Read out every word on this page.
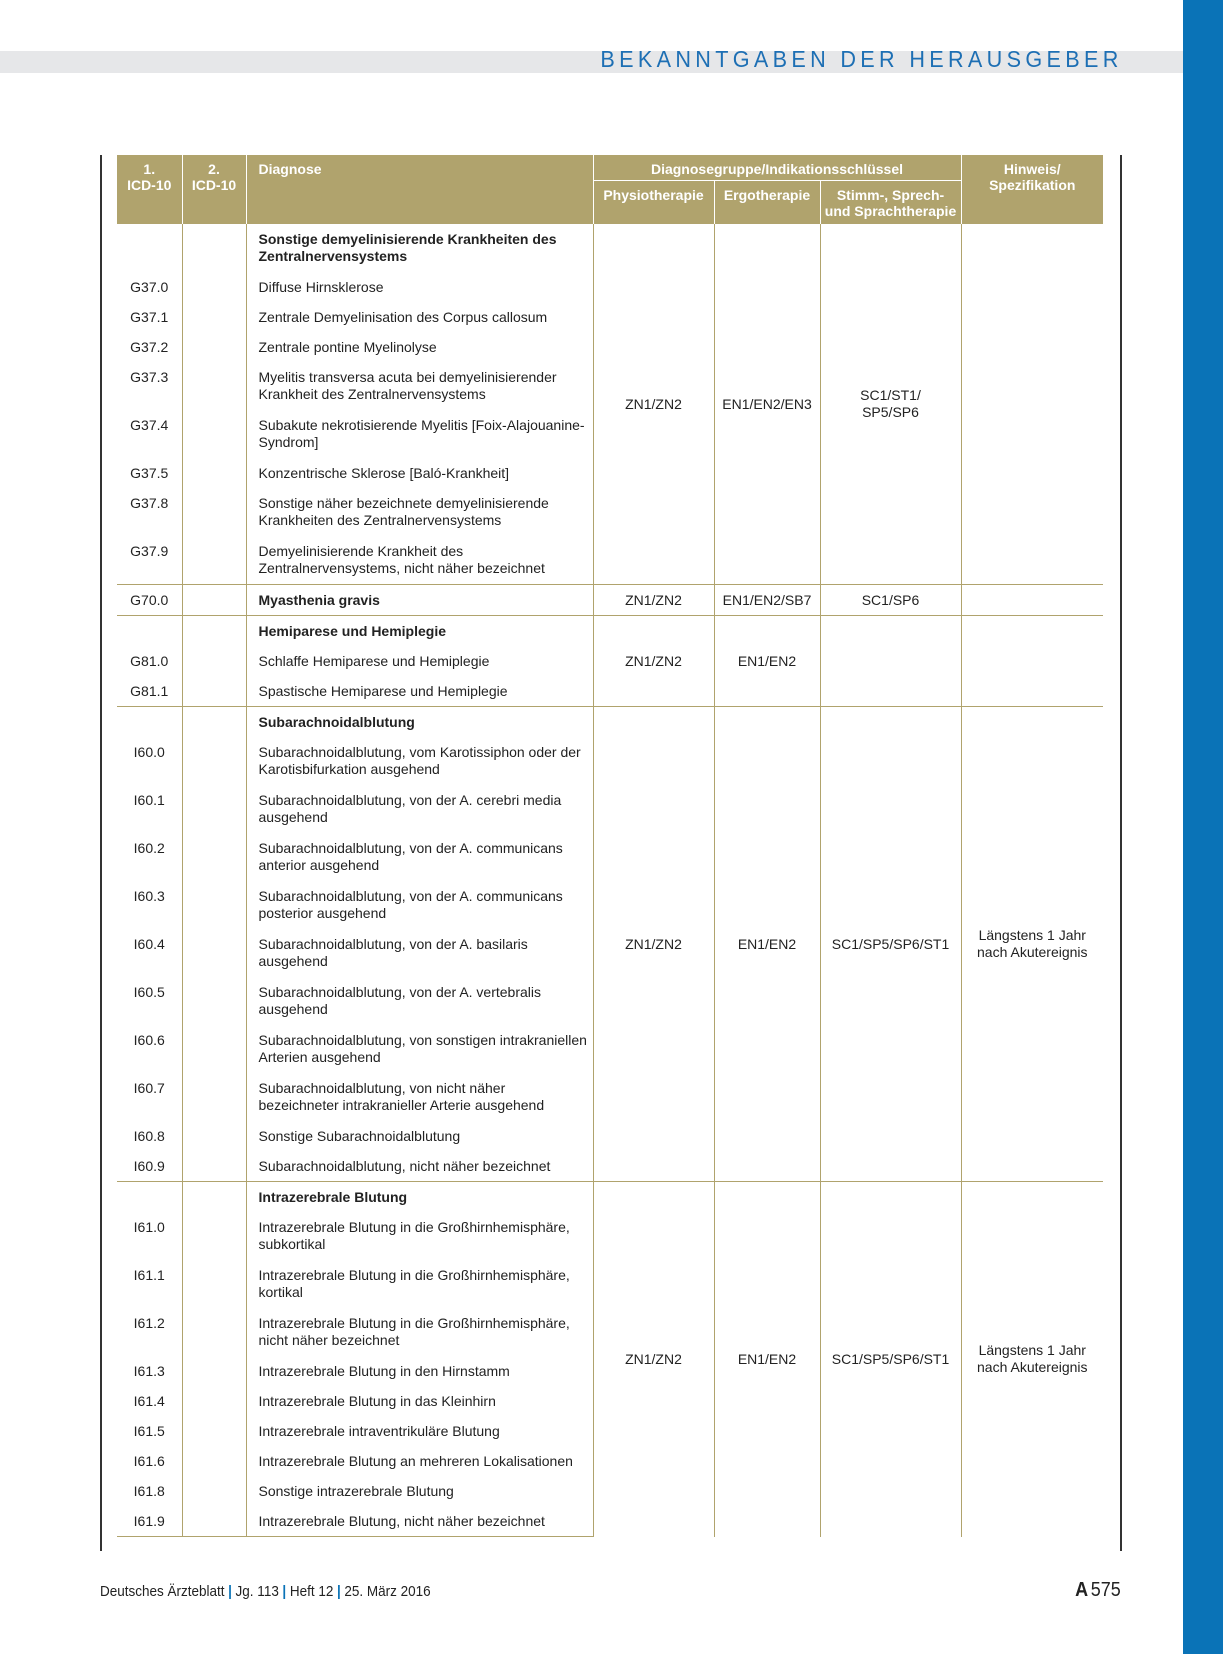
BEKANNTGABEN DER HERAUSGEBER
1.
ICD-10	2.
ICD-10	Diagnose	Diagnosegruppe/Indikationsschlüssel			Hinweis/
Spezifikation
			Physiotherapie	Ergotherapie	Stimm-, Sprech-
und Sprachtherapie	
		Sonstige demyelinisierende Krankheiten des Zentralnervensystems	ZN1/ZN2	EN1/EN2/EN3	SC1/ST1/
SP5/SP6	
G37.0		Diffuse Hirnsklerose				
G37.1		Zentrale Demyelinisation des Corpus callosum				
G37.2		Zentrale pontine Myelinolyse				
G37.3		Myelitis transversa acuta bei demyelinisierender Krankheit des Zentralnervensystems				
G37.4		Subakute nekrotisierende Myelitis [Foix-Alajouanine-Syndrom]				
G37.5		Konzentrische Sklerose [Baló-Krankheit]				
G37.8		Sonstige näher bezeichnete demyelinisierende Krankheiten des Zentralnervensystems				
G37.9		Demyelinisierende Krankheit des Zentralnervensystems, nicht näher bezeichnet				
G70.0		Myasthenia gravis	ZN1/ZN2	EN1/EN2/SB7	SC1/SP6	
		Hemiparese und Hemiplegie	ZN1/ZN2	EN1/EN2		
G81.0		Schlaffe Hemiparese und Hemiplegie				
G81.1		Spastische Hemiparese und Hemiplegie				
		Subarachnoidalblutung	ZN1/ZN2	EN1/EN2	SC1/SP5/SP6/ST1	Längstens 1 Jahr
nach Akutereignis
I60.0		Subarachnoidalblutung, vom Karotissiphon oder der Karotisbifurkation ausgehend				
I60.1		Subarachnoidalblutung, von der A. cerebri media ausgehend				
I60.2		Subarachnoidalblutung, von der A. communicans anterior ausgehend				
I60.3		Subarachnoidalblutung, von der A. communicans posterior ausgehend				
I60.4		Subarachnoidalblutung, von der A. basilaris ausgehend				
I60.5		Subarachnoidalblutung, von der A. vertebralis ausgehend				
I60.6		Subarachnoidalblutung, von sonstigen intrakraniellen Arterien ausgehend				
I60.7		Subarachnoidalblutung, von nicht näher bezeichneter intrakranieller Arterie ausgehend				
I60.8		Sonstige Subarachnoidalblutung				
I60.9		Subarachnoidalblutung, nicht näher bezeichnet				
		Intrazerebrale Blutung	ZN1/ZN2	EN1/EN2	SC1/SP5/SP6/ST1	Längstens 1 Jahr
nach Akutereignis
I61.0		Intrazerebrale Blutung in die Großhirnhemisphäre, subkortikal				
I61.1		Intrazerebrale Blutung in die Großhirnhemisphäre, kortikal				
I61.2		Intrazerebrale Blutung in die Großhirnhemisphäre, nicht näher bezeichnet				
I61.3		Intrazerebrale Blutung in den Hirnstamm				
I61.4		Intrazerebrale Blutung in das Kleinhirn				
I61.5		Intrazerebrale intraventrikuläre Blutung				
I61.6		Intrazerebrale Blutung an mehreren Lokalisationen				
I61.8		Sonstige intrazerebrale Blutung				
I61.9		Intrazerebrale Blutung, nicht näher bezeichnet				
Deutsches Ärzteblatt | Jg. 113 | Heft 12 | 25. März 2016	A 575
